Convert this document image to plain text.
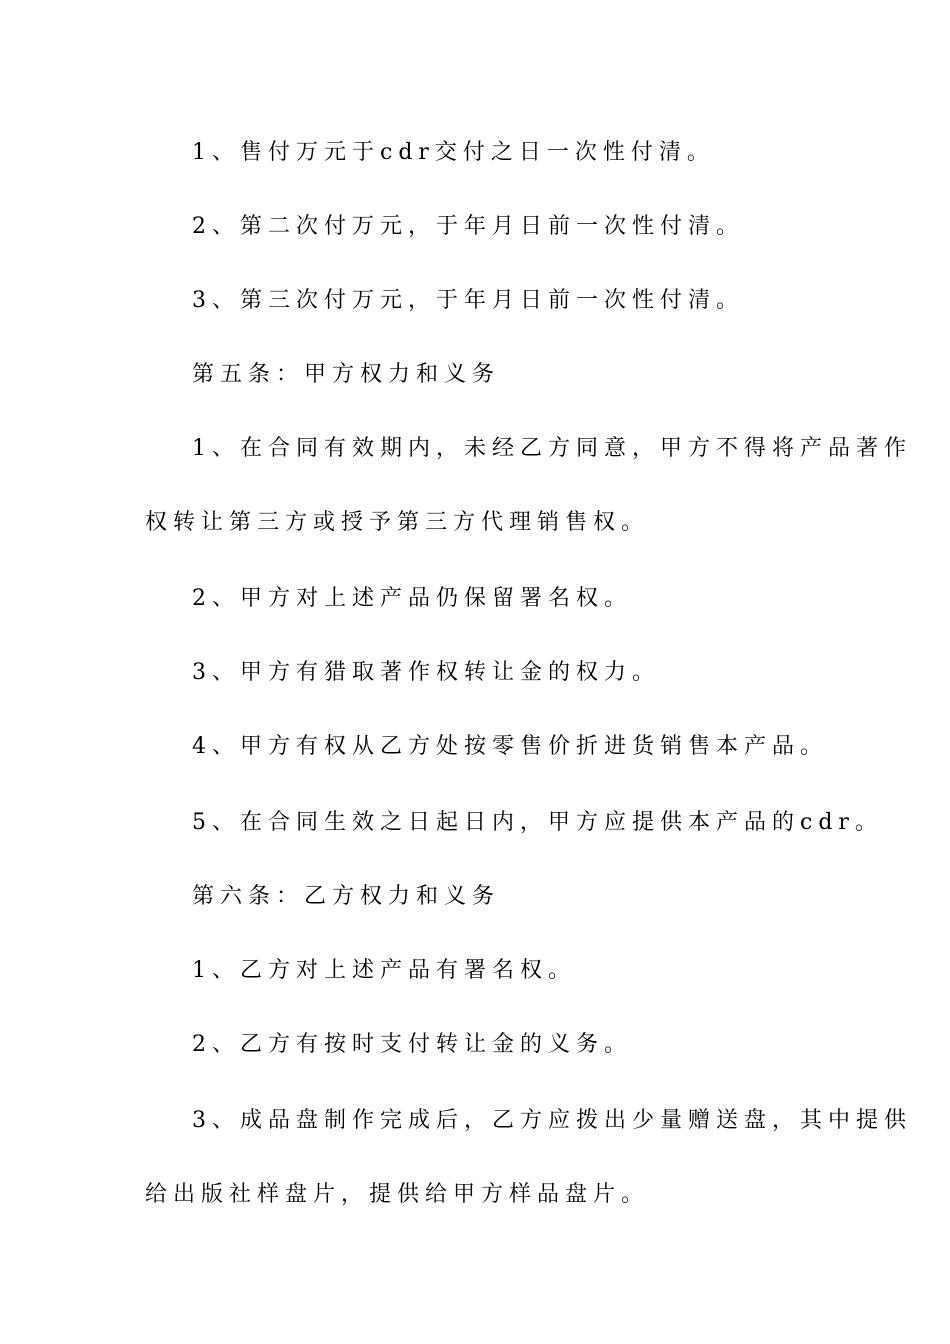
1、售付万元于cdr交付之日一次性付清。
2、第二次付万元，于年月日前一次性付清。
3、第三次付万元，于年月日前一次性付清。
第五条：甲方权力和义务
1、在合同有效期内，未经乙方同意，甲方不得将产品著作
权转让第三方或授予第三方代理销售权。
2、甲方对上述产品仍保留署名权。
3、甲方有猎取著作权转让金的权力。
4、甲方有权从乙方处按零售价折进货销售本产品。
5、在合同生效之日起日内，甲方应提供本产品的cdr。
第六条：乙方权力和义务
1、乙方对上述产品有署名权。
2、乙方有按时支付转让金的义务。
3、成品盘制作完成后，乙方应拨出少量赠送盘，其中提供
给出版社样盘片，提供给甲方样品盘片。
